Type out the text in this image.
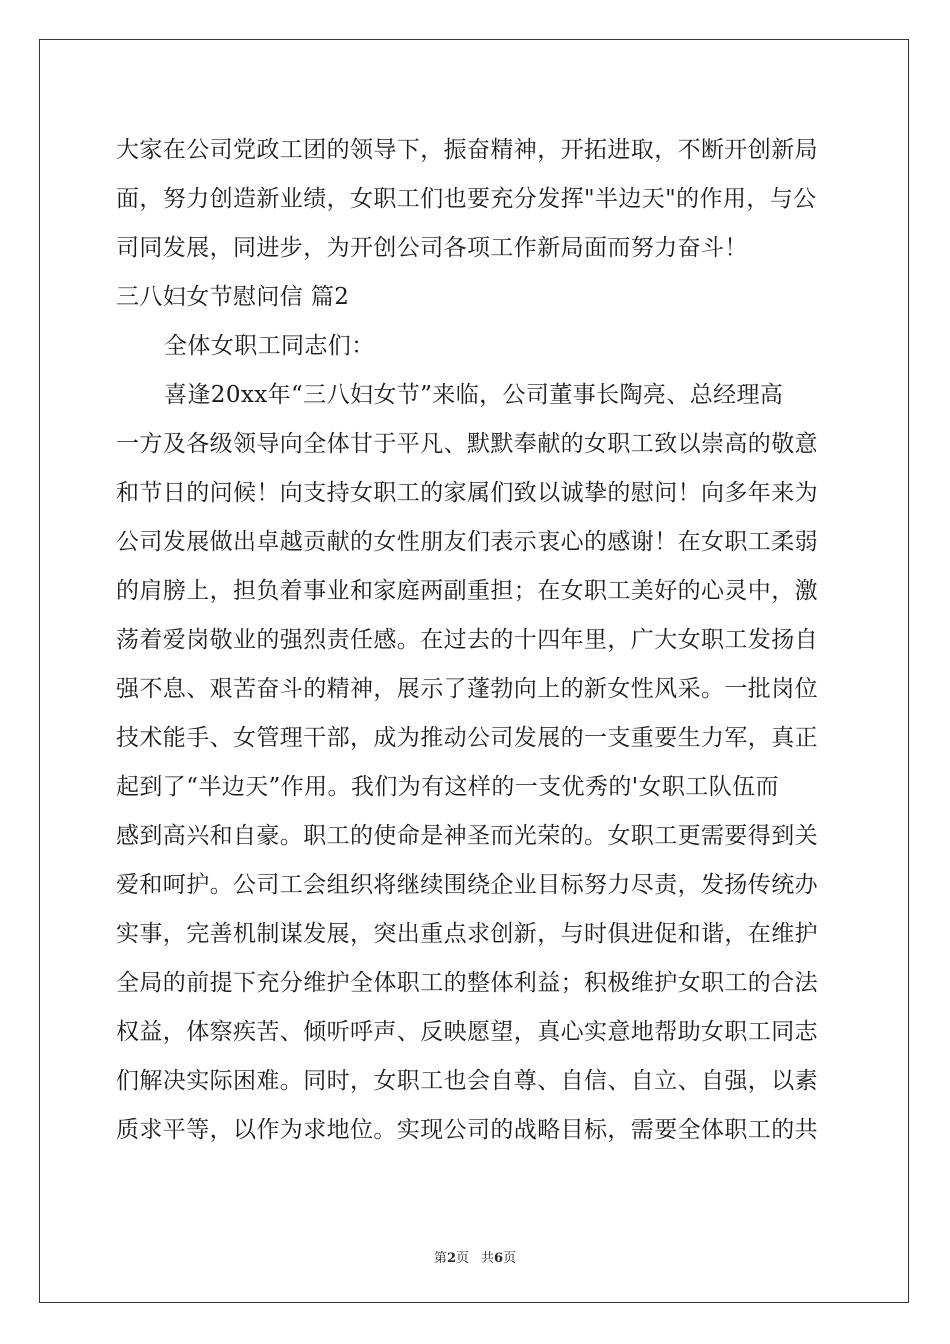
大家在公司党政工团的领导下，振奋精神，开拓进取，不断开创新局
面，努力创造新业绩，女职工们也要充分发挥"半边天"的作用，与公
司同发展，同进步，为开创公司各项工作新局面而努力奋斗！
三八妇女节慰问信 篇2
全体女职工同志们：
喜逢20xx年“三八妇女节”来临，公司董事长陶亮、总经理高
一方及各级领导向全体甘于平凡、默默奉献的女职工致以崇高的敬意
和节日的问候！向支持女职工的家属们致以诚挚的慰问！向多年来为
公司发展做出卓越贡献的女性朋友们表示衷心的感谢！在女职工柔弱
的肩膀上，担负着事业和家庭两副重担；在女职工美好的心灵中，激
荡着爱岗敬业的强烈责任感。在过去的十四年里，广大女职工发扬自
强不息、艰苦奋斗的精神，展示了蓬勃向上的新女性风采。一批岗位
技术能手、女管理干部，成为推动公司发展的一支重要生力军，真正
起到了“半边天”作用。我们为有这样的一支优秀的'女职工队伍而
感到高兴和自豪。职工的使命是神圣而光荣的。女职工更需要得到关
爱和呵护。公司工会组织将继续围绕企业目标努力尽责，发扬传统办
实事，完善机制谋发展，突出重点求创新，与时俱进促和谐，在维护
全局的前提下充分维护全体职工的整体利益；积极维护女职工的合法
权益，体察疾苦、倾听呼声、反映愿望，真心实意地帮助女职工同志
们解决实际困难。同时，女职工也会自尊、自信、自立、自强，以素
质求平等，以作为求地位。实现公司的战略目标，需要全体职工的共
第2页 共6页
